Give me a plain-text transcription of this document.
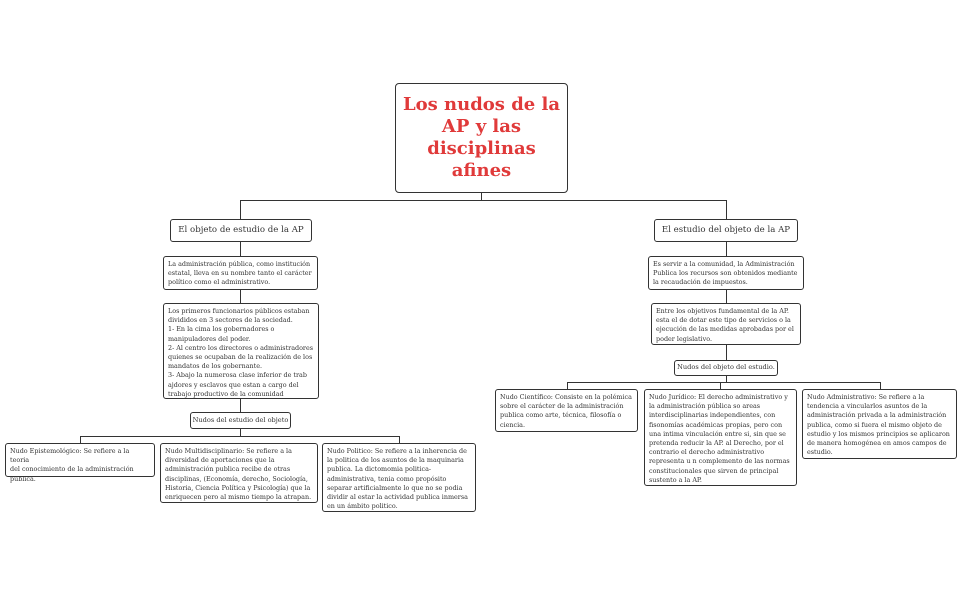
Los nudos de la
AP y las
disciplinas
afines
El objeto de estudio de la AP
La administración pública, como institución
estatal, lleva en su nombre tanto el carácter
político como el administrativo.
Los primeros funcionarios públicos estaban
divididos en 3 sectores de la sociedad.
1- En la cima los gobernadores o
manipuladores del poder.
2- Al centro los directores o administradores
quienes se ocupaban de la realización de los
mandatos de los gobernante.
3- Abajo la numerosa clase inferior de trab
ajdores y esclavos que estan a cargo del
trabajo productivo de la comunidad
Nudos del estudio del objeto
Nudo Epistemológico: Se refiere a la teoria
del conocimiento de la administración
publica.
Nudo Multidisciplinario: Se refiere a la
diversidad de aportaciones que la
administración publica recibe de otras
disciplinas, (Economía, derecho, Sociología,
Historia, Ciencia Política y Psicología) que la
enriquecen pero al mismo tiempo la atrapan.
Nudo Politico: Se refiere a la inherencia de
la politica de los asuntos de la maquinaria
publica. La dictomomia politica-
administrativa, tenia como propósito
separar artificialmente lo que no se podia
dividir al estar la actividad publica inmersa
en un ámbito politico.
El estudio del objeto de la AP
Es servir a la comunidad, la Administración
Publica los recursos son obtenidos mediante
la recaudación de impuestos.
Entre los objetivos fundamental de la AP.
esta el de dotar este tipo de servicios o la
ejecución de las medidas aprobadas por el
poder legislativo.
Nudos del objeto del estudio.
Nudo Científico: Consiste en la polémica
sobre el carácter de la administración
publica como arte, técnica, filosofía o
ciencia.
Nudo Jurídico: El derecho administrativo y
la administración pública so areas
interdisciplinarias independientes, con
fisonomías académicas propias, pero con
una intima vinculación entre si, sin que se
pretenda reducir la AP. al Derecho, por el
contrario el derecho administrativo
representa u n complemento de las normas
constitucionales que sirven de principal
sustento a la AP.
Nudo Administrativo: Se refiere a la
tendencia a vincularlos asuntos de la
administración privada a la administración
publica, como si fuera el mismo objeto de
estudio y los mismos principios se aplicaron
de manera homogénea en amos campos de
estudio.
